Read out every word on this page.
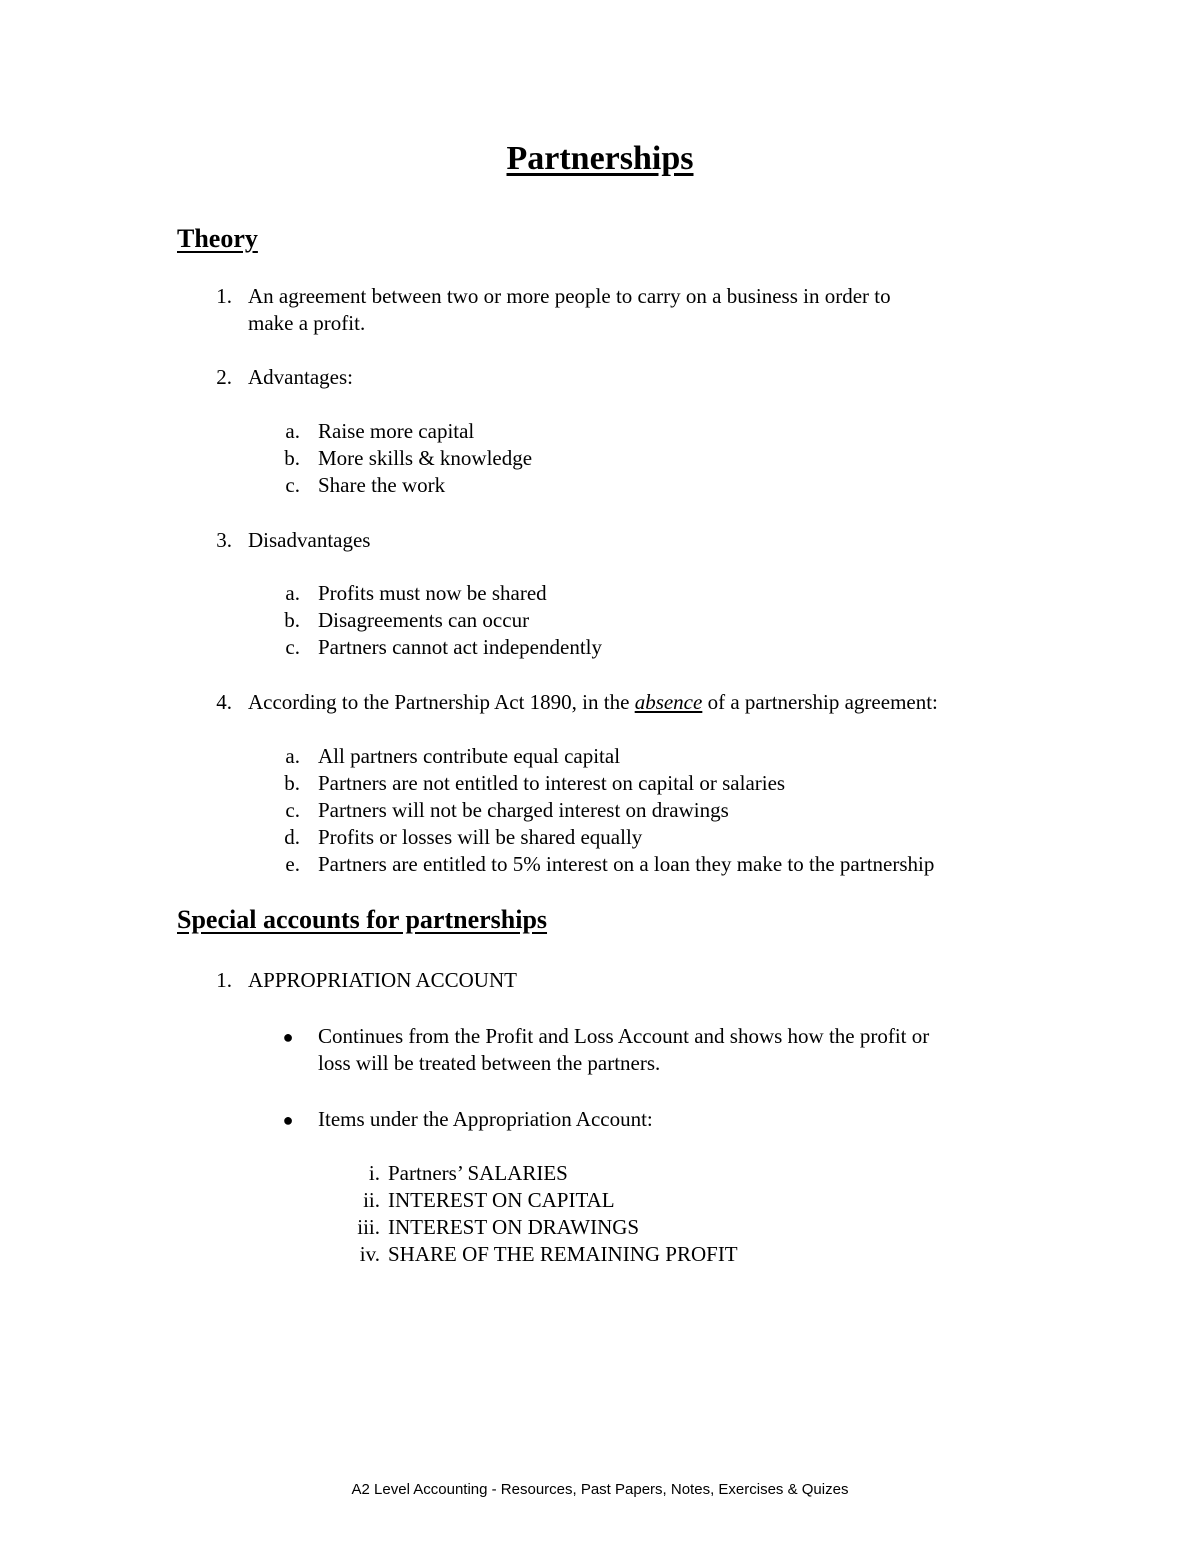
Partnerships
Theory
1. An agreement between two or more people to carry on a business in order to
make a profit.
2. Advantages:
a. Raise more capital
b. More skills & knowledge
c. Share the work
3. Disadvantages
a. Profits must now be shared
b. Disagreements can occur
c. Partners cannot act independently
4. According to the Partnership Act 1890, in the absence of a partnership agreement:
a. All partners contribute equal capital
b. Partners are not entitled to interest on capital or salaries
c. Partners will not be charged interest on drawings
d. Profits or losses will be shared equally
e. Partners are entitled to 5% interest on a loan they make to the partnership
Special accounts for partnerships
1. APPROPRIATION ACCOUNT
● Continues from the Profit and Loss Account and shows how the profit or
loss will be treated between the partners.
● Items under the Appropriation Account:
i. Partners’ SALARIES
ii. INTEREST ON CAPITAL
iii. INTEREST ON DRAWINGS
iv. SHARE OF THE REMAINING PROFIT
A2 Level Accounting - Resources, Past Papers, Notes, Exercises & Quizes
